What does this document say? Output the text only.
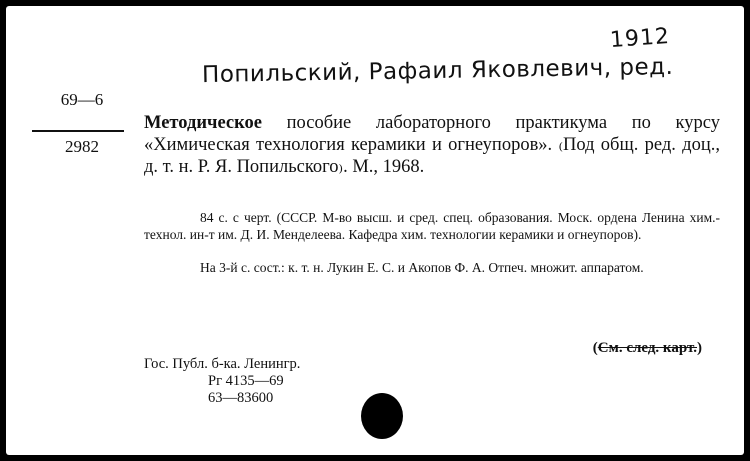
1912
Попильский, Рафаил Яковлевич, ред.
69—6
2982
Методическое пособие лабораторного практикума по курсу «Химическая технология керамики и огнеупоров». ₍Под общ. ред. доц., д. т. н. Р. Я. Попильского₎. М., 1968.
84 с. с черт. (СССР. М-во высш. и сред. спец. образования. Моск. ордена Ленина хим.-технол. ин-т им. Д. И. Менделеева. Кафедра хим. технологии керамики и огнеупоров).
На 3-й с. сост.: к. т. н. Лукин Е. С. и Акопов Ф. А. Отпеч. множит. аппаратом.
(См. след. карт.)
Гос. Публ. б-ка. Ленингр.
Рг 4135—69
63—83600
